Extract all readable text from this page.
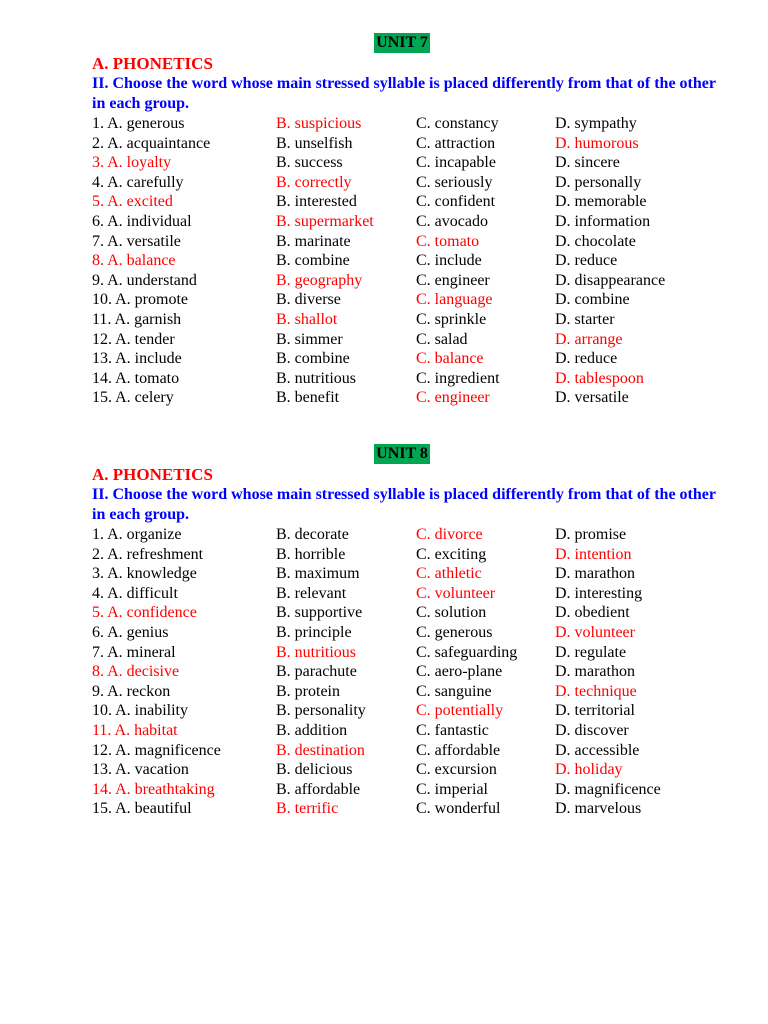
UNIT 7
A. PHONETICS
II. Choose the word whose main stressed syllable is placed differently from that of the other in each group.
1. A. generous	B. suspicious	C. constancy	D. sympathy
2. A. acquaintance	B. unselfish	C. attraction	D. humorous
3. A. loyalty	B. success	C. incapable	D. sincere
4. A. carefully	B. correctly	C. seriously	D. personally
5. A. excited	B. interested	C. confident	D. memorable
6. A. individual	B. supermarket	C. avocado	D. information
7. A. versatile	B. marinate	C. tomato	D. chocolate
8. A. balance	B. combine	C. include	D. reduce
9. A. understand	B. geography	C. engineer	D. disappearance
10. A. promote	B. diverse	C. language	D. combine
11. A. garnish	B. shallot	C. sprinkle	D. starter
12. A. tender	B. simmer	C. salad	D. arrange
13. A. include	B. combine	C. balance	D. reduce
14. A. tomato	B. nutritious	C. ingredient	D. tablespoon
15. A. celery	B. benefit	C. engineer	D. versatile
UNIT 8
A. PHONETICS
II. Choose the word whose main stressed syllable is placed differently from that of the other in each group.
1. A. organize	B. decorate	C. divorce	D. promise
2. A. refreshment	B. horrible	C. exciting	D. intention
3. A. knowledge	B. maximum	C. athletic	D. marathon
4. A. difficult	B. relevant	C. volunteer	D. interesting
5. A. confidence	B. supportive	C. solution	D. obedient
6. A. genius	B. principle	C. generous	D. volunteer
7. A. mineral	B. nutritious	C. safeguarding D. regulate
8. A. decisive	B. parachute	C. aero-plane	D. marathon
9. A. reckon	B. protein	C. sanguine	D. technique
10. A. inability	B. personality	C. potentially	D. territorial
11. A. habitat	B. addition	C. fantastic	D. discover
12. A. magnificence	B. destination	C. affordable	D. accessible
13. A. vacation	B. delicious	C. excursion	D. holiday
14. A. breathtaking	B. affordable	C. imperial	D. magnificence
15. A. beautiful	B. terrific	C. wonderful	D. marvelous
